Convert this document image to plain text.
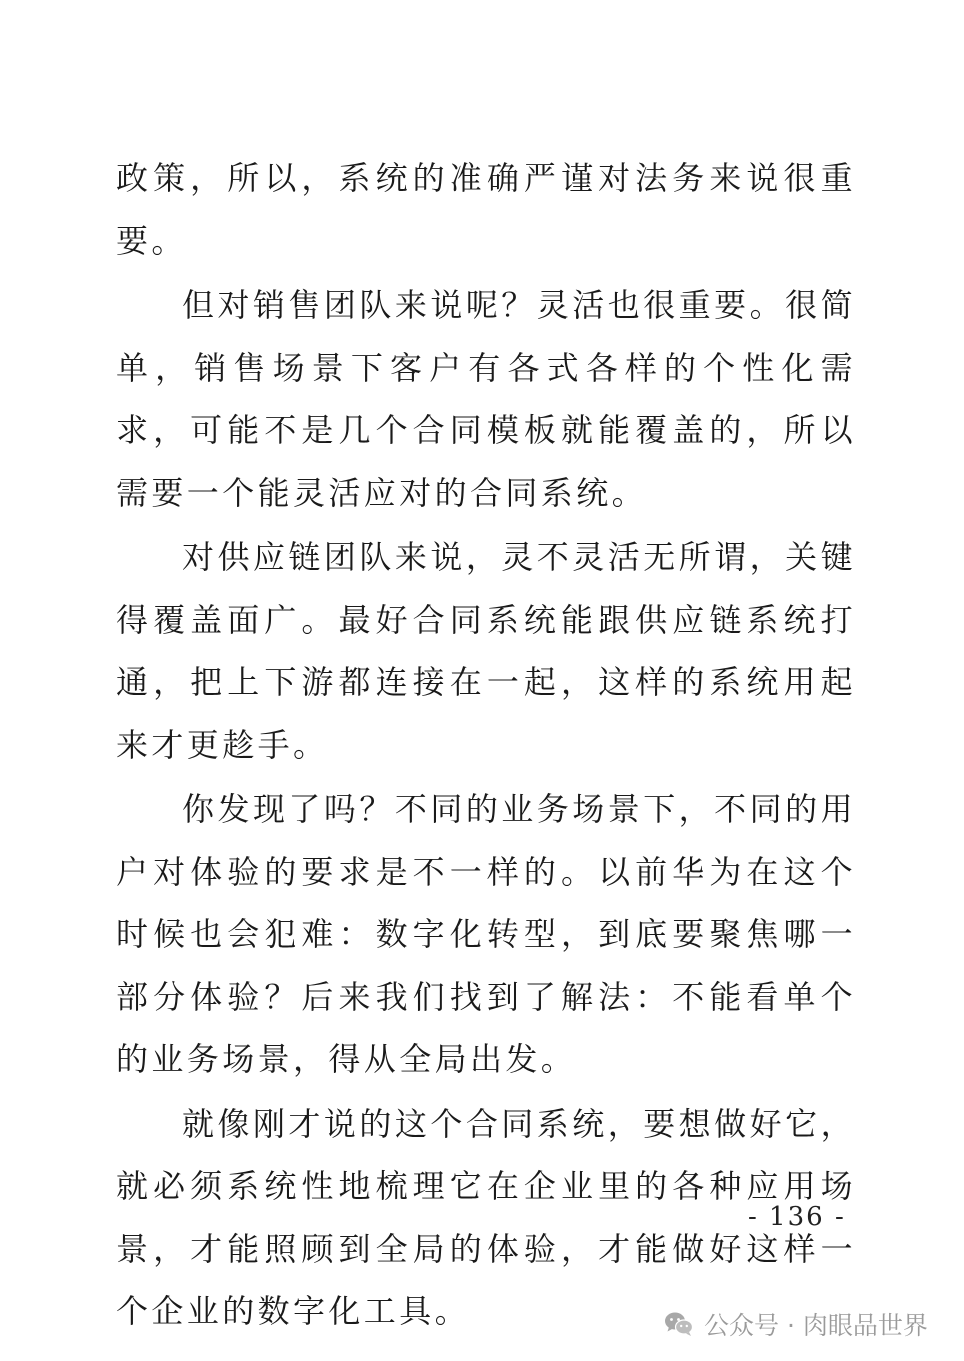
政策，所以，系统的准确严谨对法务来说很重要。

但对销售团队来说呢？灵活也很重要。很简单，销售场景下客户有各式各样的个性化需求，可能不是几个合同模板就能覆盖的，所以需要一个能灵活应对的合同系统。

对供应链团队来说，灵不灵活无所谓，关键得覆盖面广。最好合同系统能跟供应链系统打通，把上下游都连接在一起，这样的系统用起来才更趁手。

你发现了吗？不同的业务场景下，不同的用户对体验的要求是不一样的。以前华为在这个时候也会犯难：数字化转型，到底要聚焦哪一部分体验？后来我们找到了解法：不能看单个的业务场景，得从全局出发。

就像刚才说的这个合同系统，要想做好它，就必须系统性地梳理它在企业里的各种应用场景，才能照顾到全局的体验，才能做好这样一个企业的数字化工具。

- 136 -
公众号 · 肉眼品世界
